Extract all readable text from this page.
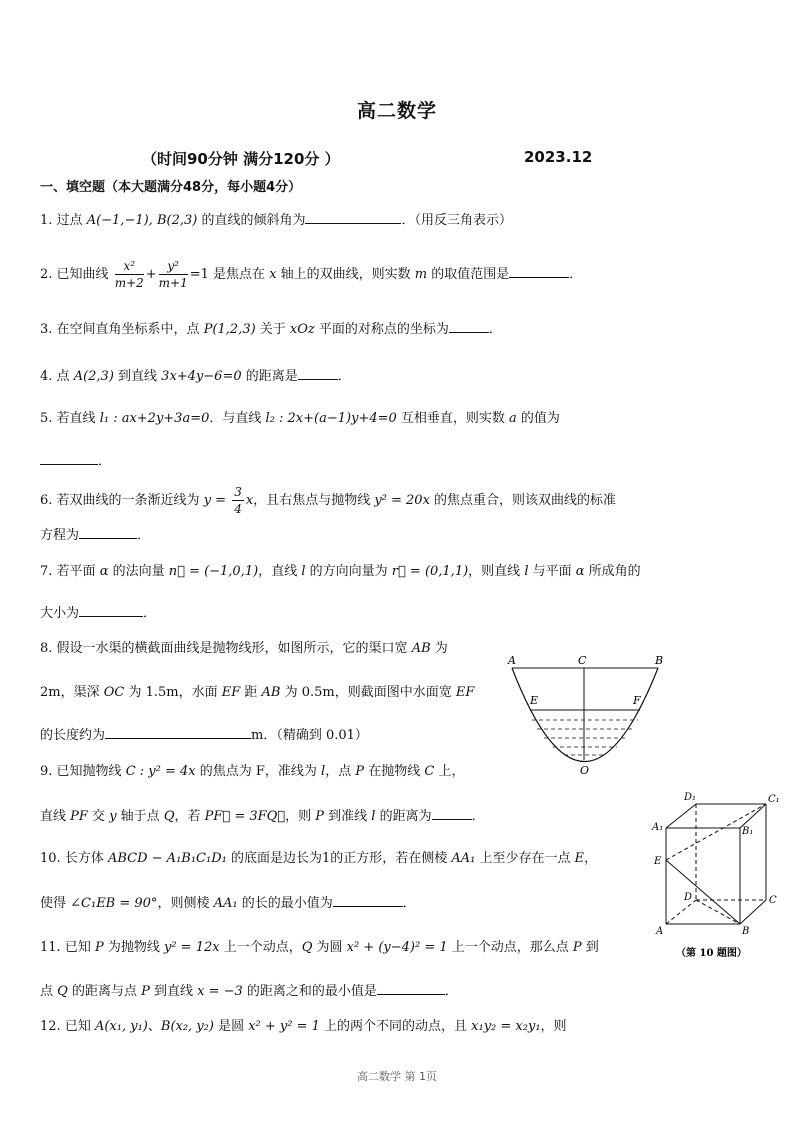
高二数学
（时间90分钟 满分120分 ）	2023.12
一、填空题（本大题满分48分，每小题4分）
1. 过点 A(−1,−1), B(2,3) 的直线的倾斜角为	．（用反三角表示）
2. 已知曲线 $\frac{\text{x²}}{m+2} + \frac{\text{y²}}{m+1} =1$ 是焦点在 x 轴上的双曲线，则实数 m 的取值范围是	．
3. 在空间直角坐标系中，点 P(1,2,3) 关于 xOz 平面的对称点的坐标为	．
4. 点 A(2,3) 到直线 3x+4y−6=0 的距离是	．
5. 若直线 l₁ : ax+2y+3a=0．与直线 l₂ : 2x+(a−1)y+4=0 互相垂直，则实数 a 的值为
．
6. 若双曲线的一条渐近线为 $y = \frac{3}{4}$ x，且右焦点与抛物线 y² = 20x 的焦点重合，则该双曲线的标准
方程为	．
7. 若平面 α 的法向量 n⃗ = (−1,0,1)，直线 l 的方向向量为 r⃗ = (0,1,1)，则直线 l 与平面 α 所成角的
大小为	．
8. 假设一水渠的横截面曲线是抛物线形，如图所示，它的渠口宽 AB 为
2m，渠深 OC 为 1.5m，水面 EF 距 AB 为 0.5m，则截面图中水面宽 EF
的长度约为	m．（精确到 0.01）
A	C	B
E	F
O
9. 已知抛物线 C : y² = 4x 的焦点为 F，准线为 l，点 P 在抛物线 C 上，
直线 PF 交 y 轴于点 Q，若 PF⃗ = 3FQ⃗，则 P 到准线 l 的距离为	．
10. 长方体 ABCD − A₁B₁C₁D₁ 的底面是边长为1的正方形，若在侧棱 AA₁ 上至少存在一点 E，
使得 ∠C₁EB = 90°，则侧棱 AA₁ 的长的最小值为	．
D₁	C₁
A₁	B₁
E
D	C
A	B
（第 10 题图）
11. 已知 P 为抛物线 y² = 12x 上一个动点，Q 为圆 x² + (y−4)² = 1 上一个动点，那么点 P 到
点 Q 的距离与点 P 到直线 x = −3 的距离之和的最小值是	．
12. 已知 A(x₁, y₁)、B(x₂, y₂) 是圆 x² + y² = 1 上的两个不同的动点，且 x₁y₂ = x₂y₁，则
高二数学 第 1页
